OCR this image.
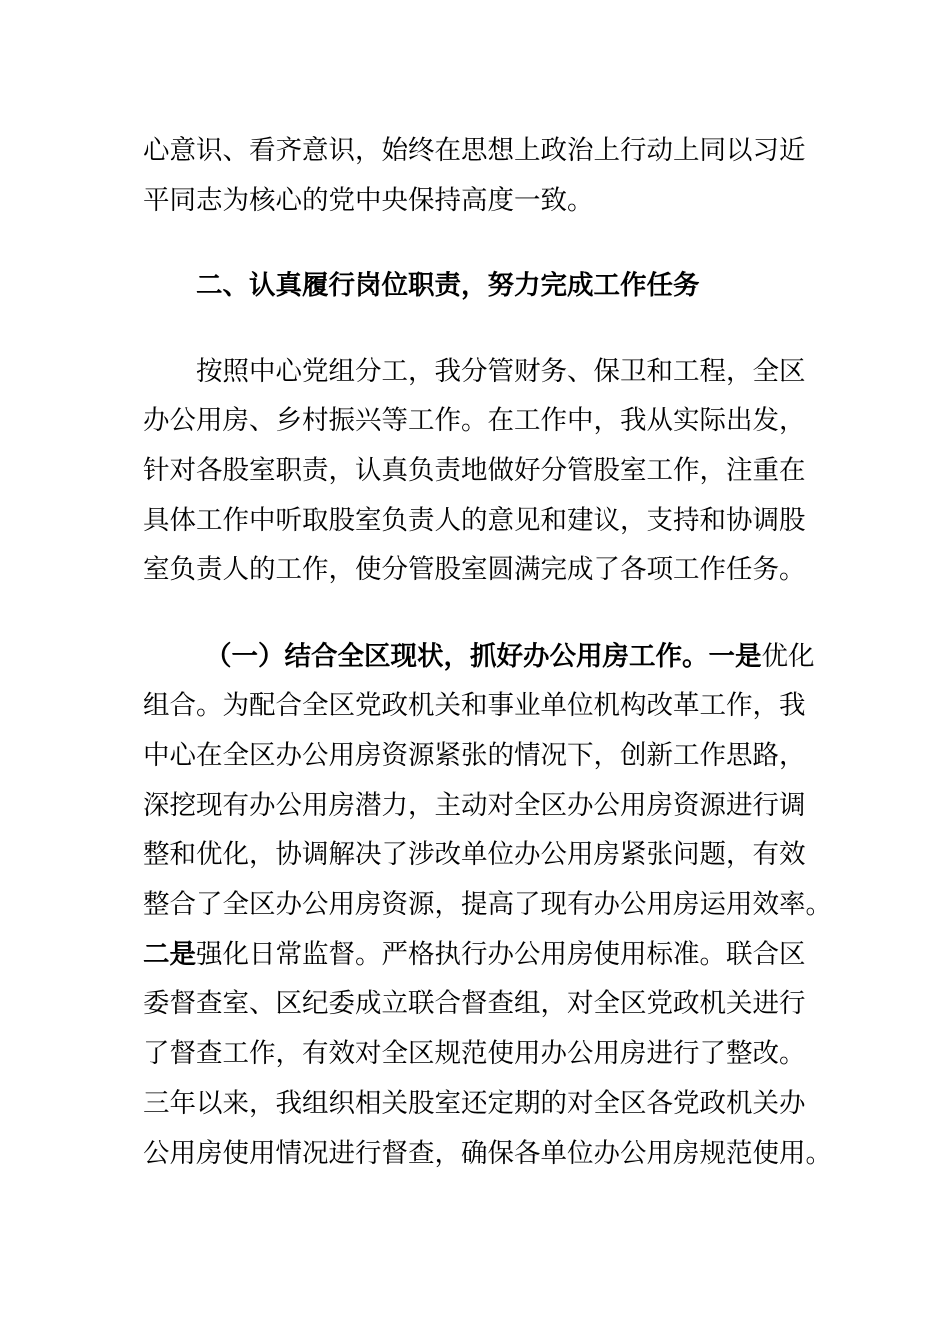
心意识、看齐意识，始终在思想上政治上行动上同以习近
平同志为核心的党中央保持高度一致。
二、认真履行岗位职责，努力完成工作任务
按照中心党组分工，我分管财务、保卫和工程，全区
办公用房、乡村振兴等工作。在工作中，我从实际出发，
针对各股室职责，认真负责地做好分管股室工作，注重在
具体工作中听取股室负责人的意见和建议，支持和协调股
室负责人的工作，使分管股室圆满完成了各项工作任务。
（一）结合全区现状，抓好办公用房工作。一是优化
组合。为配合全区党政机关和事业单位机构改革工作，我
中心在全区办公用房资源紧张的情况下，创新工作思路，
深挖现有办公用房潜力，主动对全区办公用房资源进行调
整和优化，协调解决了涉改单位办公用房紧张问题，有效
整合了全区办公用房资源，提高了现有办公用房运用效率。
二是强化日常监督。严格执行办公用房使用标准。联合区
委督查室、区纪委成立联合督查组，对全区党政机关进行
了督查工作，有效对全区规范使用办公用房进行了整改。
三年以来，我组织相关股室还定期的对全区各党政机关办
公用房使用情况进行督查，确保各单位办公用房规范使用。
